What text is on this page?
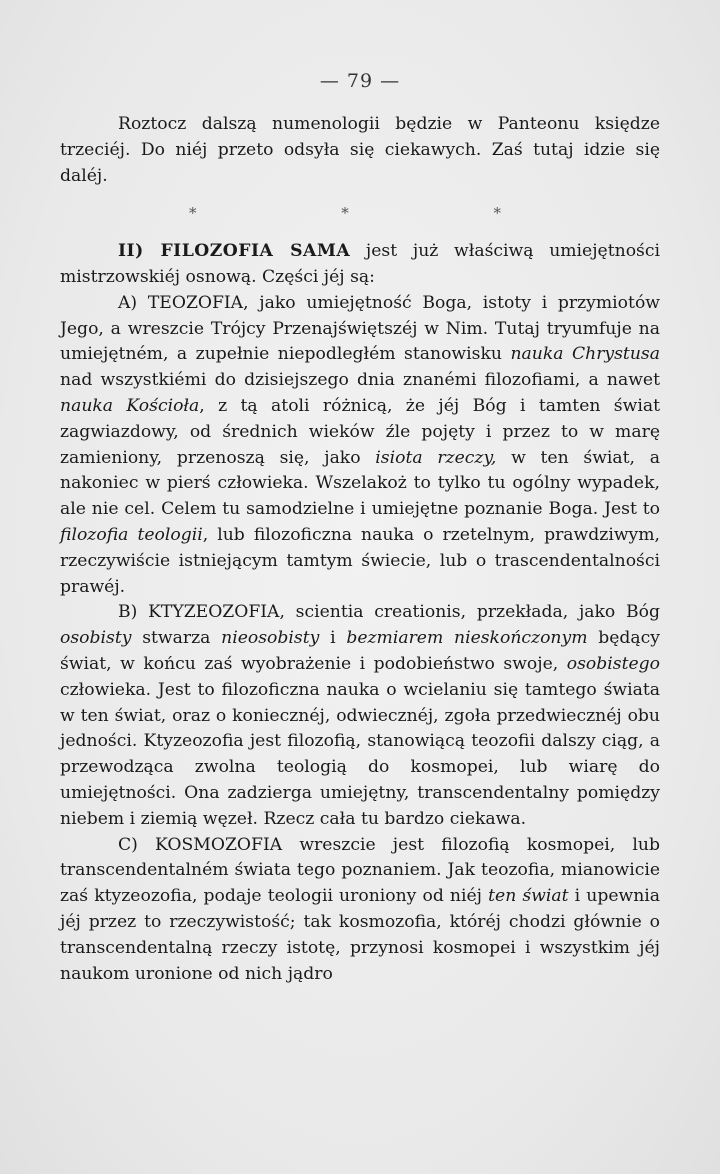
— 79 —

Roztocz dalszą numenologii będzie w Panteonu księdze trzeciéj. Do niéj przeto odsyła się ciekawych. Zaś tutaj idzie się daléj.

* * *

II) FILOZOFIA SAMA jest już właściwą umiejętności mistrzowskiéj osnową. Części jéj są:

A) TEOZOFIA, jako umiejętność Boga, istoty i przymiotów Jego, a wreszcie Trójcy Przenajświętszéj w Nim. Tutaj tryumfuje na umiejętném, a zupełnie niepodległém stanowisku nauka Chrystusa nad wszystkiémi do dzisiejszego dnia znanémi filozofiami, a nawet nauka Kościoła, z tą atoli różnicą, że jéj Bóg i tamten świat zagwiazdowy, od średnich wieków źle pojęty i przez to w marę zamieniony, przenoszą się, jako isiota rzeczy, w ten świat, a nakoniec w pierś człowieka. Wszelakoż to tylko tu ogólny wypadek, ale nie cel. Celem tu samodzielne i umiejętne poznanie Boga. Jest to filozofia teologii, lub filozoficzna nauka o rzetelnym, prawdziwym, rzeczywiście istniejącym tamtym świecie, lub o trascendentalności prawéj.

B) KTYZEOZOFIA, scientia creationis, przekłada, jako Bóg osobisty stwarza nieosobisty i bezmiarem nieskończonym będący świat, w końcu zaś wyobrażenie i podobieństwo swoje, osobistego człowieka. Jest to filozoficzna nauka o wcielaniu się tamtego świata w ten świat, oraz o koniecznéj, odwiecznéj, zgoła przedwiecznéj obu jedności. Ktyzeozofia jest filozofią, stanowiącą teozofii dalszy ciąg, a przewodząca zwolna teologią do kosmopei, lub wiarę do umiejętności. Ona zadzierga umiejętny, transcendentalny pomiędzy niebem i ziemią węzeł. Rzecz cała tu bardzo ciekawa.

C) KOSMOZOFIA wreszcie jest filozofią kosmopei, lub transcendentalném świata tego poznaniem. Jak teozofia, mianowicie zaś ktyzeozofia, podaje teologii uroniony od niéj ten świat i upewnia jéj przez to rzeczywistość; tak kosmozofia, któréj chodzi głównie o transcendentalną rzeczy istotę, przynosi kosmopei i wszystkim jéj naukom uronione od nich jądro
